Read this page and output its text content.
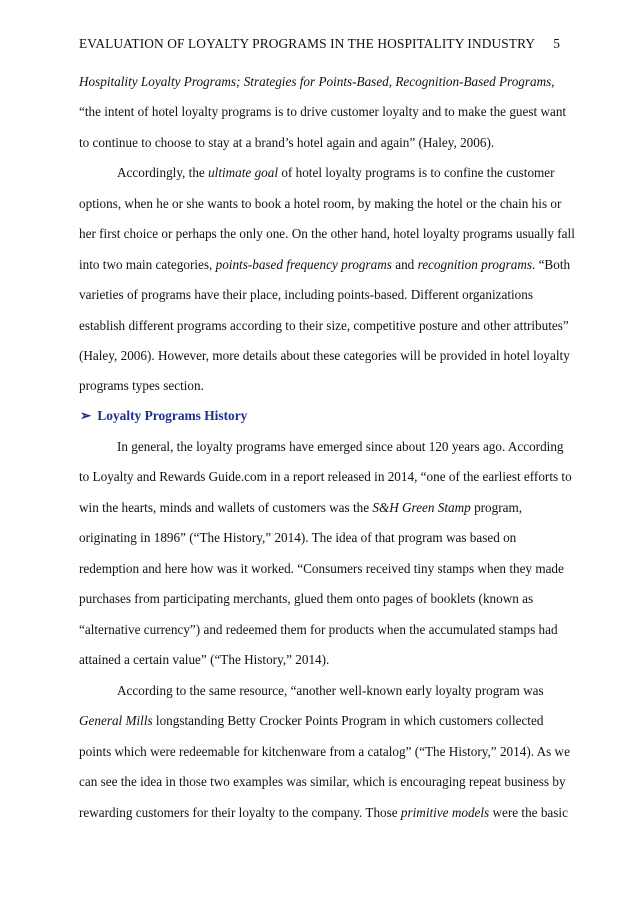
EVALUATION OF LOYALTY PROGRAMS IN THE HOSPITALITY INDUSTRY 5
Hospitality Loyalty Programs; Strategies for Points-Based, Recognition-Based Programs,
“the intent of hotel loyalty programs is to drive customer loyalty and to make the guest want
to continue to choose to stay at a brand’s hotel again and again” (Haley, 2006).
Accordingly, the ultimate goal of hotel loyalty programs is to confine the customer
options, when he or she wants to book a hotel room, by making the hotel or the chain his or
her first choice or perhaps the only one. On the other hand, hotel loyalty programs usually fall
into two main categories, points-based frequency programs and recognition programs. “Both
varieties of programs have their place, including points-based. Different organizations
establish different programs according to their size, competitive posture and other attributes”
(Haley, 2006). However, more details about these categories will be provided in hotel loyalty
programs types section.
➢ Loyalty Programs History
In general, the loyalty programs have emerged since about 120 years ago. According
to Loyalty and Rewards Guide.com in a report released in 2014, “one of the earliest efforts to
win the hearts, minds and wallets of customers was the S&H Green Stamp program,
originating in 1896” (“The History,” 2014). The idea of that program was based on
redemption and here how was it worked. “Consumers received tiny stamps when they made
purchases from participating merchants, glued them onto pages of booklets (known as
“alternative currency”) and redeemed them for products when the accumulated stamps had
attained a certain value” (“The History,” 2014).
According to the same resource, “another well-known early loyalty program was
General Mills longstanding Betty Crocker Points Program in which customers collected
points which were redeemable for kitchenware from a catalog” (“The History,” 2014). As we
can see the idea in those two examples was similar, which is encouraging repeat business by
rewarding customers for their loyalty to the company. Those primitive models were the basic
